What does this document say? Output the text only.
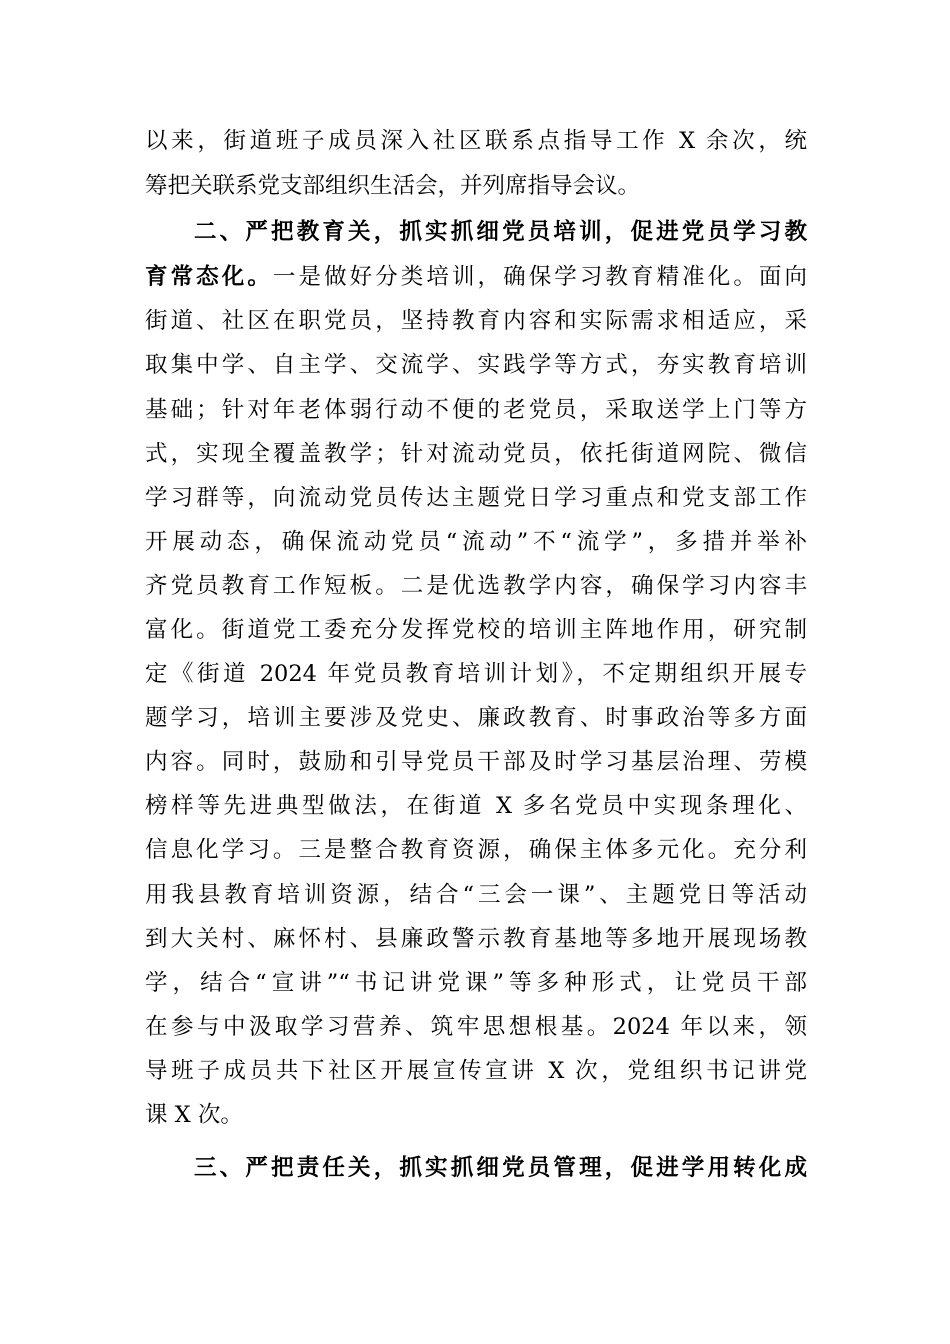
以来，街道班子成员深入社区联系点指导工作 X 余次，统
筹把关联系党支部组织生活会，并列席指导会议。
二、严把教育关，抓实抓细党员培训，促进党员学习教
育常态化。一是做好分类培训，确保学习教育精准化。面向
街道、社区在职党员，坚持教育内容和实际需求相适应，采
取集中学、自主学、交流学、实践学等方式，夯实教育培训
基础；针对年老体弱行动不便的老党员，采取送学上门等方
式，实现全覆盖教学；针对流动党员，依托街道网院、微信
学习群等，向流动党员传达主题党日学习重点和党支部工作
开展动态，确保流动党员“流动”不“流学”，多措并举补
齐党员教育工作短板。二是优选教学内容，确保学习内容丰
富化。街道党工委充分发挥党校的培训主阵地作用，研究制
定《街道 2024 年党员教育培训计划》，不定期组织开展专
题学习，培训主要涉及党史、廉政教育、时事政治等多方面
内容。同时，鼓励和引导党员干部及时学习基层治理、劳模
榜样等先进典型做法，在街道 X 多名党员中实现条理化、
信息化学习。三是整合教育资源，确保主体多元化。充分利
用我县教育培训资源，结合“三会一课”、主题党日等活动
到大关村、麻怀村、县廉政警示教育基地等多地开展现场教
学，结合“宣讲”“书记讲党课”等多种形式，让党员干部
在参与中汲取学习营养、筑牢思想根基。2024 年以来，领
导班子成员共下社区开展宣传宣讲 X 次，党组织书记讲党
课 X 次。
三、严把责任关，抓实抓细党员管理，促进学用转化成
